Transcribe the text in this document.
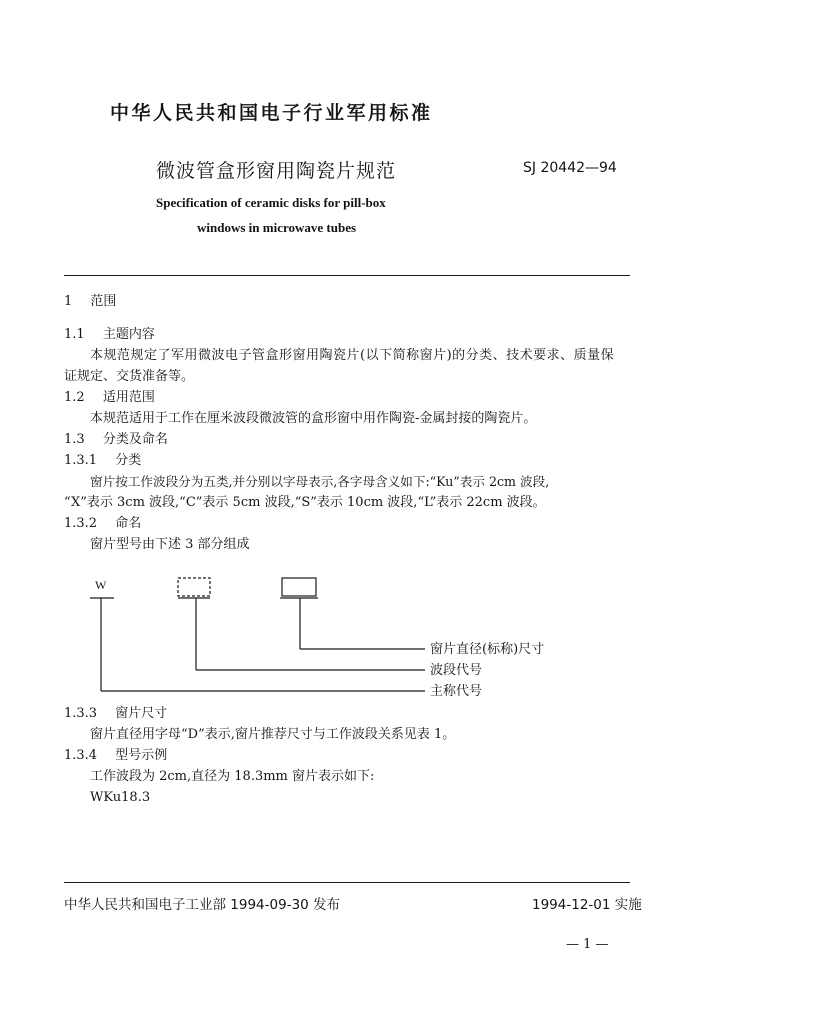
中华人民共和国电子行业军用标准
微波管盒形窗用陶瓷片规范	SJ 20442—94
Specification of ceramic disks for pill-box
windows in microwave tubes
1 范围
1.1 主题内容
本规范规定了军用微波电子管盒形窗用陶瓷片(以下简称窗片)的分类、技术要求、质量保
证规定、交货准备等。
1.2 适用范围
本规范适用于工作在厘米波段微波管的盒形窗中用作陶瓷-金属封接的陶瓷片。
1.3 分类及命名
1.3.1 分类
窗片按工作波段分为五类,并分别以字母表示,各字母含义如下:“Ku”表示 2cm 波段,
“X”表示 3cm 波段,“C”表示 5cm 波段,“S”表示 10cm 波段,“L”表示 22cm 波段。
1.3.2 命名
窗片型号由下述 3 部分组成
W
窗片直径(标称)尺寸
波段代号
主称代号
1.3.3 窗片尺寸
窗片直径用字母“D”表示,窗片推荐尺寸与工作波段关系见表 1。
1.3.4 型号示例
工作波段为 2cm,直径为 18.3mm 窗片表示如下:
WKu18.3
中华人民共和国电子工业部 1994-09-30 发布	1994-12-01 实施
— 1 —
